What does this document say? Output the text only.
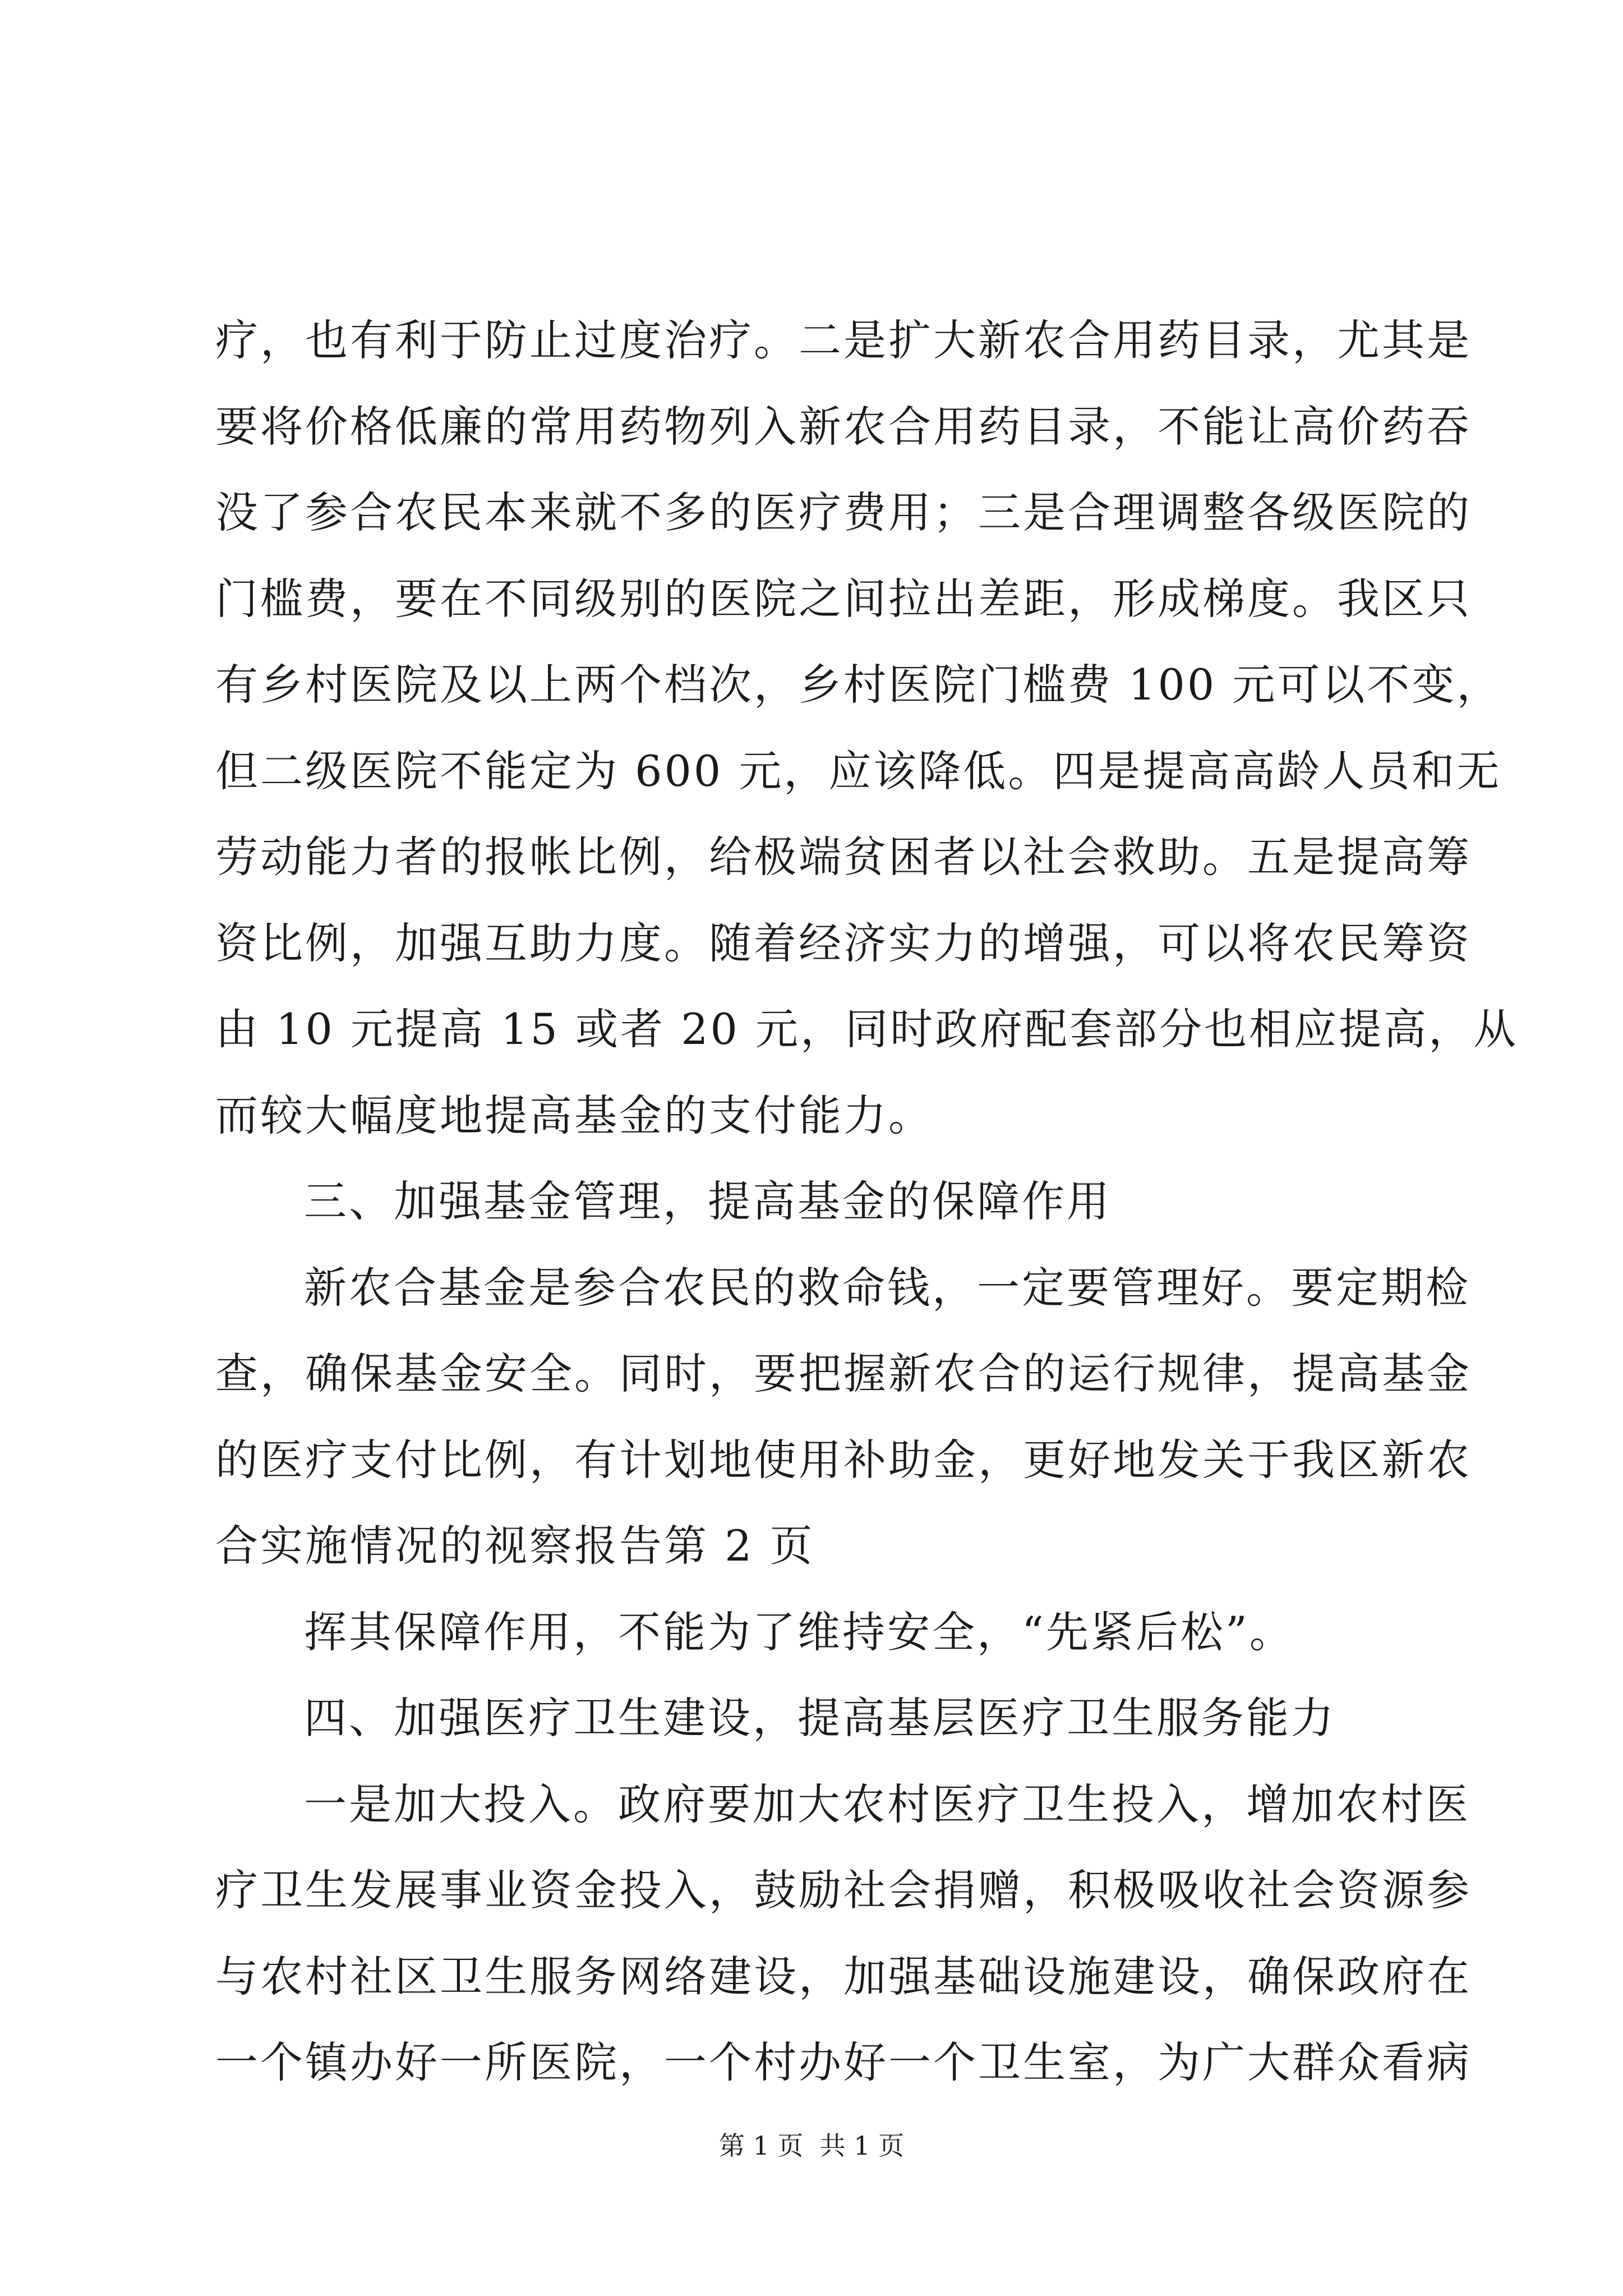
疗，也有利于防止过度治疗。二是扩大新农合用药目录，尤其是
要将价格低廉的常用药物列入新农合用药目录，不能让高价药吞
没了参合农民本来就不多的医疗费用；三是合理调整各级医院的
门槛费，要在不同级别的医院之间拉出差距，形成梯度。我区只
有乡村医院及以上两个档次，乡村医院门槛费 100 元可以不变，
但二级医院不能定为 600 元，应该降低。四是提高高龄人员和无
劳动能力者的报帐比例，给极端贫困者以社会救助。五是提高筹
资比例，加强互助力度。随着经济实力的增强，可以将农民筹资
由 10 元提高 15 或者 20 元，同时政府配套部分也相应提高，从
而较大幅度地提高基金的支付能力。
三、加强基金管理，提高基金的保障作用
新农合基金是参合农民的救命钱，一定要管理好。要定期检
查，确保基金安全。同时，要把握新农合的运行规律，提高基金
的医疗支付比例，有计划地使用补助金，更好地发关于我区新农
合实施情况的视察报告第 2 页
挥其保障作用，不能为了维持安全，“先紧后松”。
四、加强医疗卫生建设，提高基层医疗卫生服务能力
一是加大投入。政府要加大农村医疗卫生投入，增加农村医
疗卫生发展事业资金投入，鼓励社会捐赠，积极吸收社会资源参
与农村社区卫生服务网络建设，加强基础设施建设，确保政府在
一个镇办好一所医院，一个村办好一个卫生室，为广大群众看病
第 1 页  共 1 页
